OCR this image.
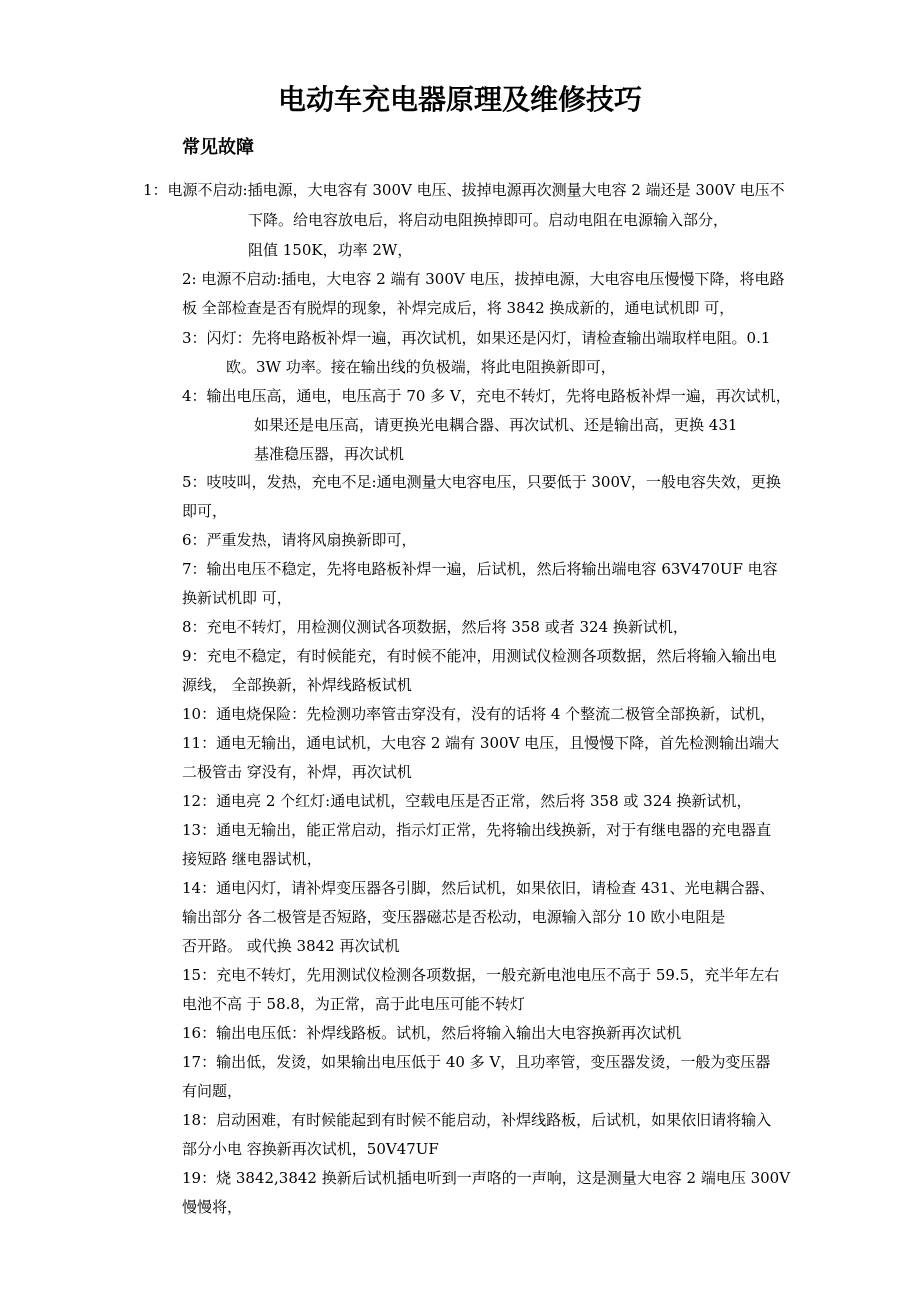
电动车充电器原理及维修技巧
常见故障
1：电源不启动:插电源，大电容有 300V 电压、拔掉电源再次测量大电容 2 端还是 300V 电压不
下降。给电容放电后，将启动电阻换掉即可。启动电阻在电源输入部分，
阻值 150K，功率 2W，
2: 电源不启动:插电，大电容 2 端有 300V 电压，拔掉电源，大电容电压慢慢下降，将电路
板 全部检查是否有脱焊的现象，补焊完成后，将 3842 换成新的，通电试机即 可，
3：闪灯：先将电路板补焊一遍，再次试机，如果还是闪灯，请检查输出端取样电阻。0.1
欧。3W 功率。接在输出线的负极端，将此电阻换新即可，
4：输出电压高，通电，电压高于 70 多 V，充电不转灯，先将电路板补焊一遍，再次试机，
如果还是电压高，请更换光电耦合器、再次试机、还是输出高，更换 431
基准稳压器，再次试机
5：吱吱叫，发热，充电不足:通电测量大电容电压，只要低于 300V，一般电容失效，更换
即可，
6：严重发热，请将风扇换新即可，
7：输出电压不稳定，先将电路板补焊一遍，后试机，然后将输出端电容 63V470UF 电容
换新试机即 可，
8：充电不转灯，用检测仪测试各项数据，然后将 358 或者 324 换新试机，
9：充电不稳定，有时候能充，有时候不能冲，用测试仪检测各项数据，然后将输入输出电
源线， 全部换新，补焊线路板试机
10：通电烧保险：先检测功率管击穿没有，没有的话将 4 个整流二极管全部换新，试机，
11：通电无输出，通电试机，大电容 2 端有 300V 电压，且慢慢下降，首先检测输出端大
二极管击 穿没有，补焊，再次试机
12：通电亮 2 个红灯:通电试机，空载电压是否正常，然后将 358 或 324 换新试机，
13：通电无输出，能正常启动，指示灯正常，先将输出线换新，对于有继电器的充电器直
接短路 继电器试机，
14：通电闪灯，请补焊变压器各引脚，然后试机，如果依旧，请检查 431、光电耦合器、
输出部分 各二极管是否短路，变压器磁芯是否松动，电源输入部分 10 欧小电阻是
否开路。 或代换 3842 再次试机
15：充电不转灯，先用测试仪检测各项数据，一般充新电池电压不高于 59.5，充半年左右
电池不高 于 58.8，为正常，高于此电压可能不转灯
16：输出电压低：补焊线路板。试机，然后将输入输出大电容换新再次试机
17：输出低，发烫，如果输出电压低于 40 多 V，且功率管，变压器发烫，一般为变压器
有问题，
18：启动困难，有时候能起到有时候不能启动，补焊线路板，后试机，如果依旧请将输入
部分小电 容换新再次试机，50V47UF
19：烧 3842,3842 换新后试机插电听到一声咯的一声响，这是测量大电容 2 端电压 300V
慢慢将，
